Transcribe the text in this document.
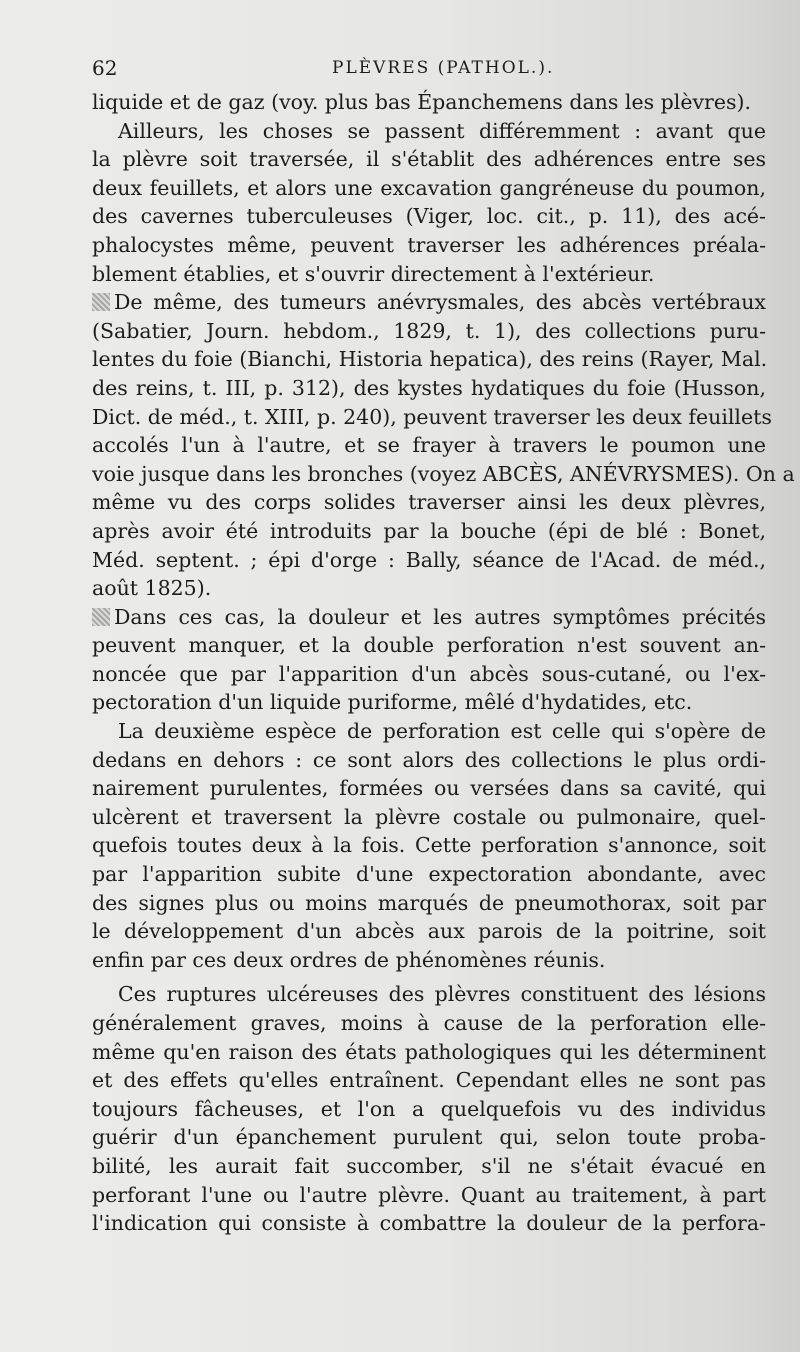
62	PLÈVRES (PATHOL.).
liquide et de gaz (voy. plus bas Épanchemens dans les plèvres).
Ailleurs, les choses se passent différemment : avant que
la plèvre soit traversée, il s'établit des adhérences entre ses
deux feuillets, et alors une excavation gangréneuse du poumon,
des cavernes tuberculeuses (Viger, loc. cit., p. 11), des acé-
phalocystes même, peuvent traverser les adhérences préala-
blement établies, et s'ouvrir directement à l'extérieur.
De même, des tumeurs anévrysmales, des abcès vertébraux
(Sabatier, Journ. hebdom., 1829, t. 1), des collections puru-
lentes du foie (Bianchi, Historia hepatica), des reins (Rayer, Mal.
des reins, t. III, p. 312), des kystes hydatiques du foie (Husson,
Dict. de méd., t. XIII, p. 240), peuvent traverser les deux feuillets
accolés l'un à l'autre, et se frayer à travers le poumon une
voie jusque dans les bronches (voyez ABCÈS, ANÉVRYSMES). On a
même vu des corps solides traverser ainsi les deux plèvres,
après avoir été introduits par la bouche (épi de blé : Bonet,
Méd. septent. ; épi d'orge : Bally, séance de l'Acad. de méd.,
août 1825).
Dans ces cas, la douleur et les autres symptômes précités
peuvent manquer, et la double perforation n'est souvent an-
noncée que par l'apparition d'un abcès sous-cutané, ou l'ex-
pectoration d'un liquide puriforme, mêlé d'hydatides, etc.
La deuxième espèce de perforation est celle qui s'opère de
dedans en dehors : ce sont alors des collections le plus ordi-
nairement purulentes, formées ou versées dans sa cavité, qui
ulcèrent et traversent la plèvre costale ou pulmonaire, quel-
quefois toutes deux à la fois. Cette perforation s'annonce, soit
par l'apparition subite d'une expectoration abondante, avec
des signes plus ou moins marqués de pneumothorax, soit par
le développement d'un abcès aux parois de la poitrine, soit
enfin par ces deux ordres de phénomènes réunis.
Ces ruptures ulcéreuses des plèvres constituent des lésions
généralement graves, moins à cause de la perforation elle-
même qu'en raison des états pathologiques qui les déterminent
et des effets qu'elles entraînent. Cependant elles ne sont pas
toujours fâcheuses, et l'on a quelquefois vu des individus
guérir d'un épanchement purulent qui, selon toute proba-
bilité, les aurait fait succomber, s'il ne s'était évacué en
perforant l'une ou l'autre plèvre. Quant au traitement, à part
l'indication qui consiste à combattre la douleur de la perfora-
